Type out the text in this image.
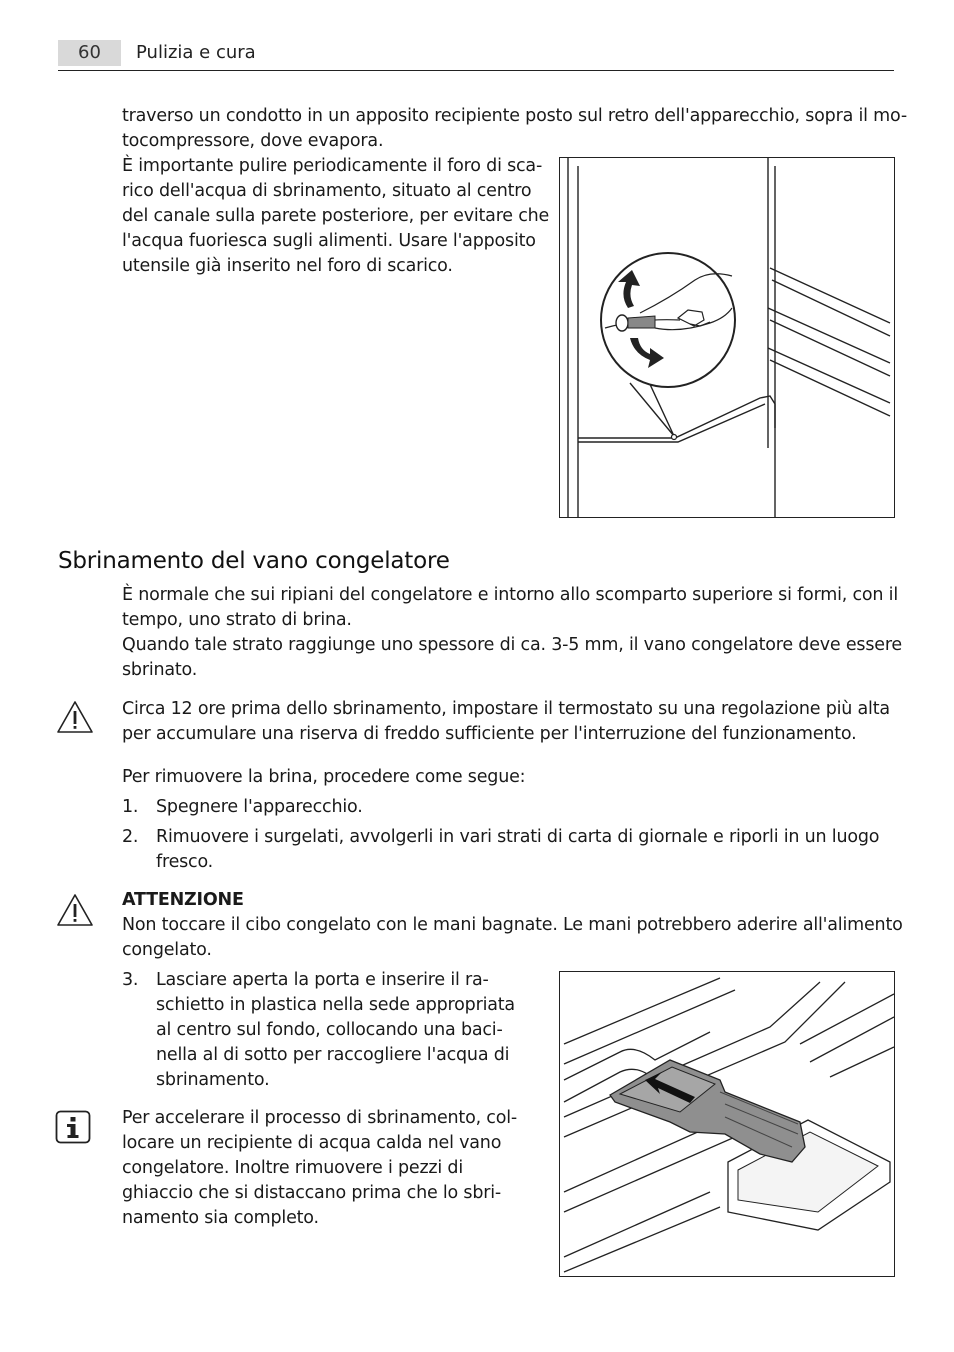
60	Pulizia e cura
traverso un condotto in un apposito recipiente posto sul retro dell'apparecchio, sopra il mo-
tocompressore, dove evapora.

È importante pulire periodicamente il foro di sca-

rico dell'acqua di sbrinamento, situato al centro

del canale sulla parete posteriore, per evitare che

l'acqua fuoriesca sugli alimenti. Usare l'apposito

utensile già inserito nel foro di scarico.

Sbrinamento del vano congelatore

È normale che sui ripiani del congelatore e intorno allo scomparto superiore si formi, con il

tempo, uno strato di brina.

Quando tale strato raggiunge uno spessore di ca. 3-5 mm, il vano congelatore deve essere

sbrinato.

Circa 12 ore prima dello sbrinamento, impostare il termostato su una regolazione più alta

per accumulare una riserva di freddo sufficiente per l'interruzione del funzionamento.

Per rimuovere la brina, procedere come segue:
1. Spegnere l'apparecchio.
2. Rimuovere i surgelati, avvolgerli in vari strati di carta di giornale e riporli in un luogo

fresco.

ATTENZIONE

Non toccare il cibo congelato con le mani bagnate. Le mani potrebbero aderire all'alimento

congelato.

3. Lasciare aperta la porta e inserire il ra-

schietto in plastica nella sede appropriata

al centro sul fondo, collocando una baci-

nella al di sotto per raccogliere l'acqua di

sbrinamento.

Per accelerare il processo di sbrinamento, col-

locare un recipiente di acqua calda nel vano

congelatore. Inoltre rimuovere i pezzi di

ghiaccio che si distaccano prima che lo sbri-

namento sia completo.
